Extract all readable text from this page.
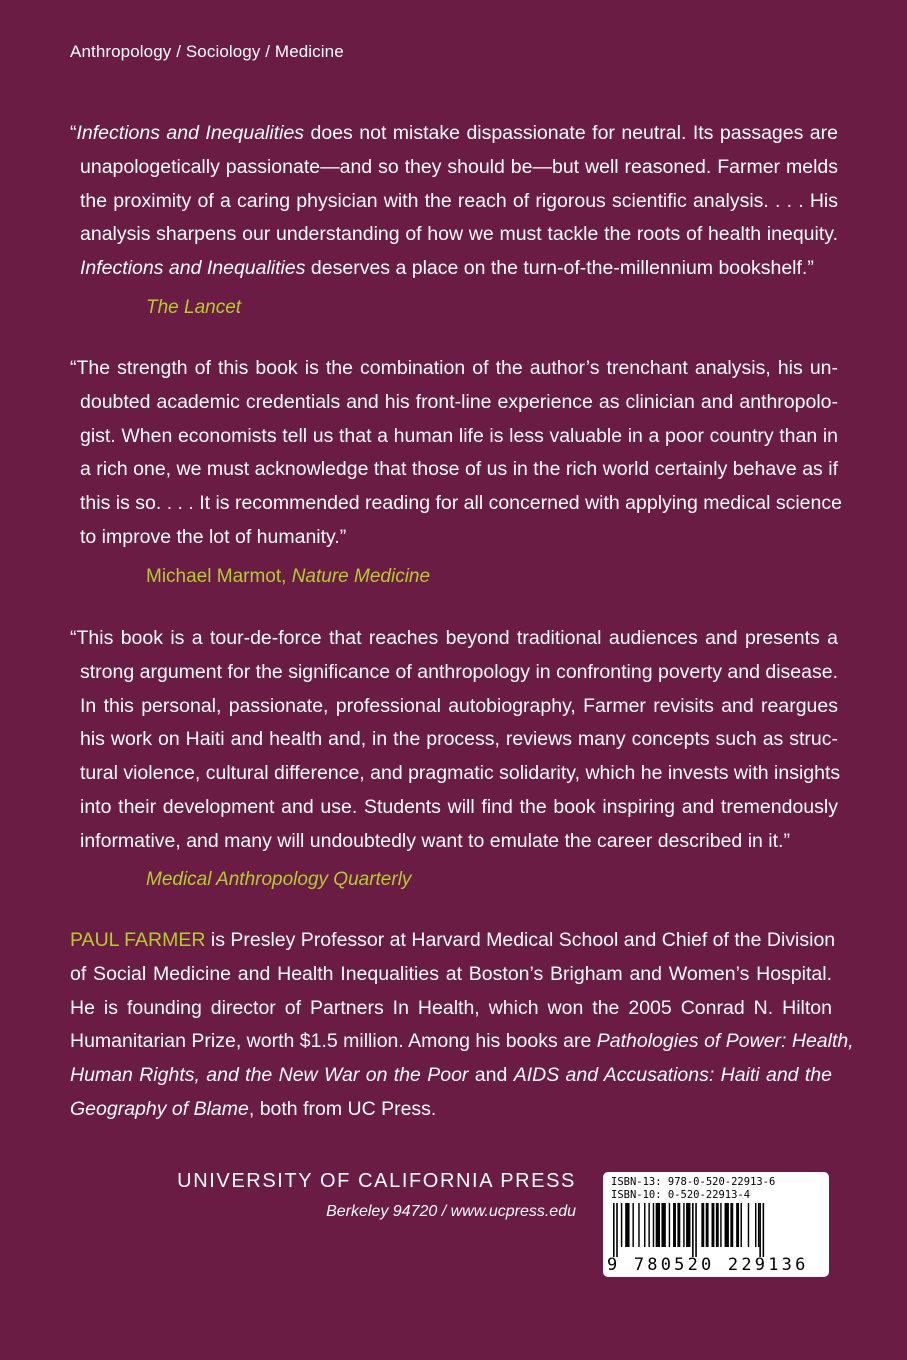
Anthropology / Sociology / Medicine
“Infections and Inequalities does not mistake dispassionate for neutral. Its passages are
unapologetically passionate—and so they should be—but well reasoned. Farmer melds
the proximity of a caring physician with the reach of rigorous scientific analysis. . . . His
analysis sharpens our understanding of how we must tackle the roots of health inequity.
Infections and Inequalities deserves a place on the turn-of-the-millennium bookshelf.”
The Lancet
“The strength of this book is the combination of the author’s trenchant analysis, his un-
doubted academic credentials and his front-line experience as clinician and anthropolo-
gist. When economists tell us that a human life is less valuable in a poor country than in
a rich one, we must acknowledge that those of us in the rich world certainly behave as if
this is so. . . . It is recommended reading for all concerned with applying medical science
to improve the lot of humanity.”
Michael Marmot, Nature Medicine
“This book is a tour-de-force that reaches beyond traditional audiences and presents a
strong argument for the significance of anthropology in confronting poverty and disease.
In this personal, passionate, professional autobiography, Farmer revisits and reargues
his work on Haiti and health and, in the process, reviews many concepts such as struc-
tural violence, cultural difference, and pragmatic solidarity, which he invests with insights
into their development and use. Students will find the book inspiring and tremendously
informative, and many will undoubtedly want to emulate the career described in it.”
Medical Anthropology Quarterly
PAUL FARMER is Presley Professor at Harvard Medical School and Chief of the Division
of Social Medicine and Health Inequalities at Boston’s Brigham and Women’s Hospital.
He is founding director of Partners In Health, which won the 2005 Conrad N. Hilton
Humanitarian Prize, worth $1.5 million. Among his books are Pathologies of Power: Health,
Human Rights, and the New War on the Poor and AIDS and Accusations: Haiti and the
Geography of Blame, both from UC Press.
UNIVERSITY OF CALIFORNIA PRESS
Berkeley 94720 / www.ucpress.edu
ISBN-13: 978-0-520-22913-6
ISBN-10: 0-520-22913-4
9 780520 229136
